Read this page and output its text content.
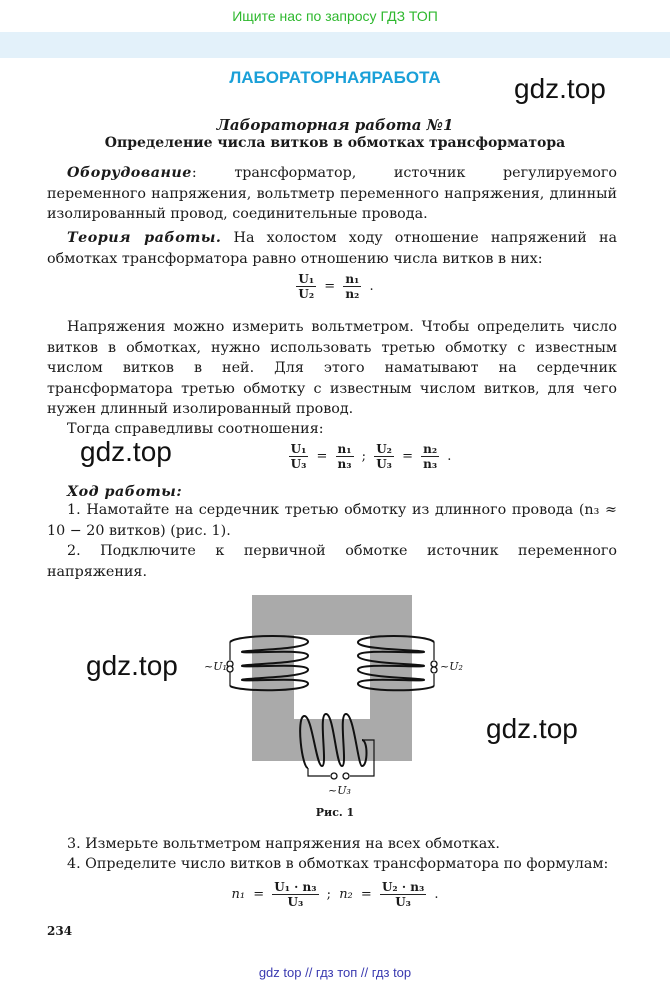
Ищите нас по запросу ГДЗ ТОП
ЛАБОРАТОРНАЯРАБОТА	gdz.top
gdz.top
gdz.top
gdz.top
Лабораторная работа №1
Определение числа витков в обмотках трансформатора
Оборудование: трансформатор, источник регулируемого переменного напряжения, вольтметр переменного напряжения, длинный изолированный провод, соединительные провода.
Теория работы. На холостом ходу отношение напряжений на обмотках трансформатора равно отношению числа витков в них:
$\frac{\text{U₁}}{\text{U₂}} = \frac{\text{n₁}}{\text{n₂}}$ .
Напряжения можно измерить вольтметром. Чтобы определить число витков в обмотках, нужно использовать третью обмотку с известным числом витков в ней. Для этого наматывают на сердечник трансформатора третью обмотку с известным числом витков, для чего нужен длинный изолированный провод.
Тогда справедливы соотношения:
$\frac{\text{U₁}}{\text{U₃}} = \frac{\text{n₁}}{\text{n₃}}$ ; $\frac{\text{U₂}}{\text{U₃}} = \frac{\text{n₂}}{\text{n₃}}$ .
Ход работы:
1. Намотайте на сердечник третью обмотку из длинного провода (n₃ ≈ 10 − 20 витков) (рис. 1).
2. Подключите к первичной обмотке источник переменного напряжения.
~U₁	~U₂
~U₃
Рис. 1
3. Измерьте вольтметром напряжения на всех обмотках.
4. Определите число витков в обмотках трансформатора по формулам:
$n_1 = \frac{\text{U₁ · n₃}}{\text{U₃}}$ ; $n_2 = \frac{\text{U₂ · n₃}}{\text{U₃}}$ .
234
gdz top // гдз топ // гдз top
